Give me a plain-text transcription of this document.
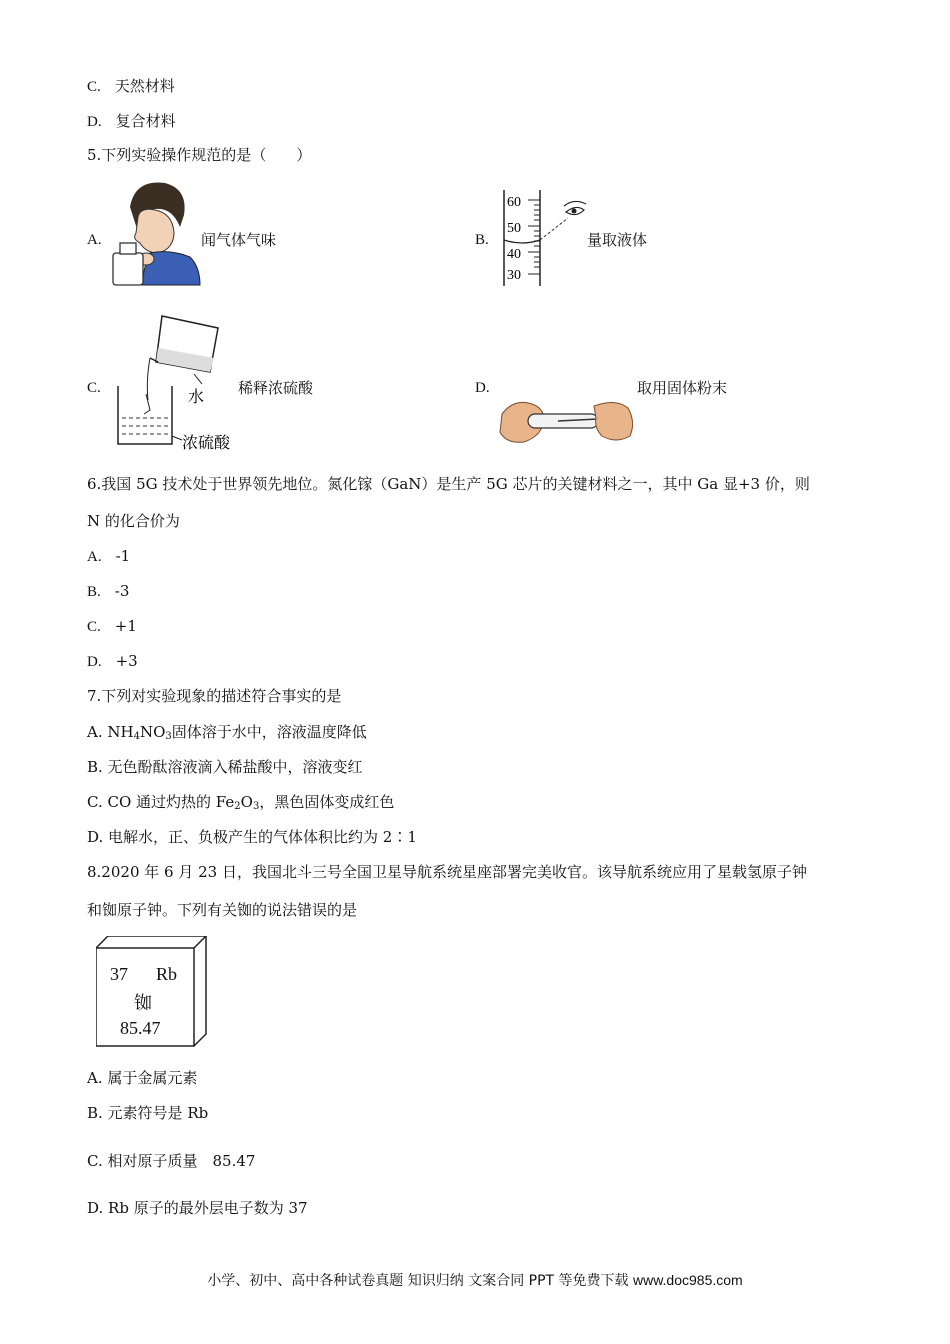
C. 天然材料
D. 复合材料
5.下列实验操作规范的是（　　）
A.	闻气体气味	B.
60
50
40
30
量取液体
C.	水
浓硫酸
稀释浓硫酸	D.	取用固体粉末
6.我国 5G 技术处于世界领先地位。氮化镓（GaN）是生产 5G 芯片的关键材料之一，其中 Ga 显+3 价，则
N 的化合价为
A. -1
B. -3
C. +1
D. +3
7.下列对实验现象的描述符合事实的是
A. $NH_4NO_3$固体溶于水中，溶液温度降低
B. 无色酚酞溶液滴入稀盐酸中，溶液变红
C. CO 通过灼热的 $Fe_2O_3$，黑色固体变成红色
D. 电解水，正、负极产生的气体体积比约为 2∶1
8.2020 年 6 月 23 日，我国北斗三号全国卫星导航系统星座部署完美收官。该导航系统应用了星载氢原子钟
和铷原子钟。下列有关铷的说法错误的是
37 Rb
铷
85.47
A. 属于金属元素
B. 元素符号是 Rb
C. 相对原子质量　85.47
D. Rb 原子的最外层电子数为 37
小学、初中、高中各种试卷真题 知识归纳 文案合同 PPT 等免费下载 www.doc985.com
